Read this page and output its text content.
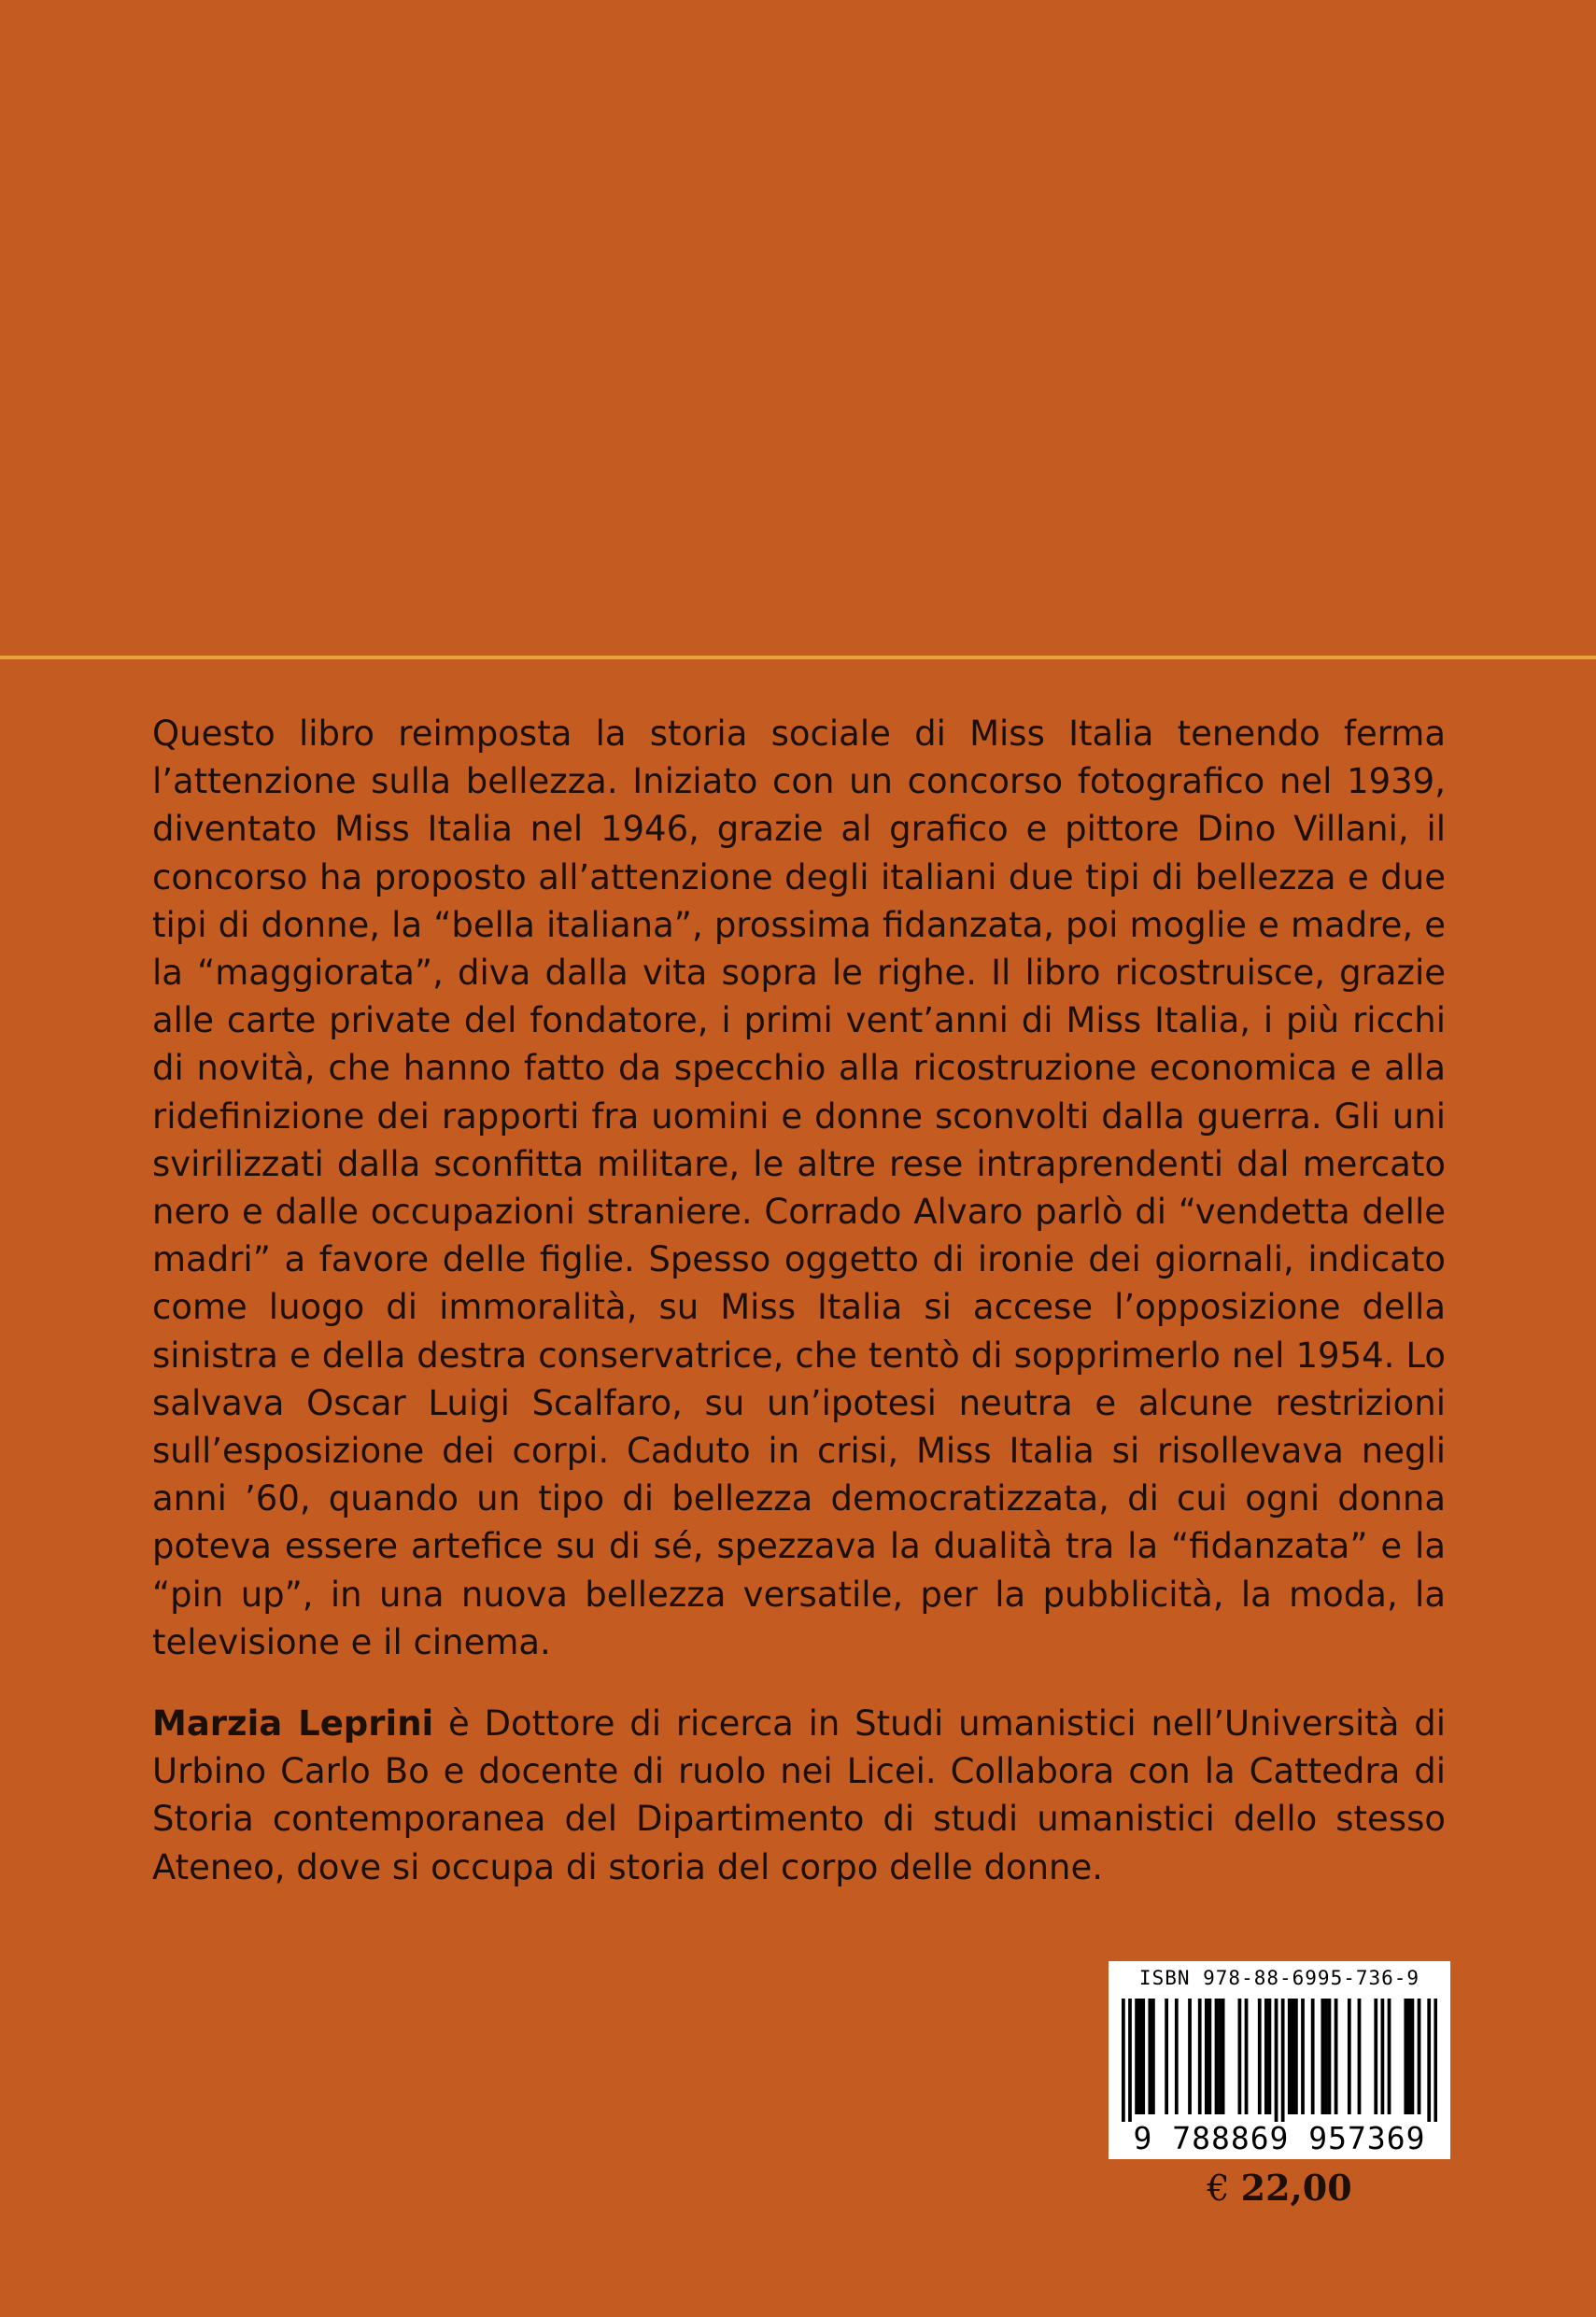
Questo libro reimposta la storia sociale di Miss Italia tenendo ferma l’attenzione sulla bellezza. Iniziato con un concorso fotografico nel 1939, diventato Miss Italia nel 1946, grazie al grafico e pittore Dino Villani, il concorso ha proposto all’attenzione degli italiani due tipi di bellezza e due tipi di donne, la “bella italiana”, prossima fidanzata, poi moglie e madre, e la “maggiorata”, diva dalla vita sopra le righe. Il libro ricostruisce, grazie alle carte private del fondatore, i primi vent’anni di Miss Italia, i più ricchi di novità, che hanno fatto da specchio alla ricostruzione economica e alla ridefinizione dei rapporti fra uomini e donne sconvolti dalla guerra. Gli uni svirilizzati dalla sconfitta militare, le altre rese intraprendenti dal mercato nero e dalle occupazioni straniere. Corrado Alvaro parlò di “vendetta delle madri” a favore delle figlie. Spesso oggetto di ironie dei giornali, indicato come luogo di immoralità, su Miss Italia si accese l’opposizione della sinistra e della destra conservatrice, che tentò di sopprimerlo nel 1954. Lo salvava Oscar Luigi Scalfaro, su un’ipotesi neutra e alcune restrizioni sull’esposizione dei corpi. Caduto in crisi, Miss Italia si risollevava negli anni ’60, quando un tipo di bellezza democratizzata, di cui ogni donna poteva essere artefice su di sé, spezzava la dualità tra la “fidanzata” e la “pin up”, in una nuova bellezza versatile, per la pubblicità, la moda, la televisione e il cinema.

Marzia Leprini è Dottore di ricerca in Studi umanistici nell’Università di Urbino Carlo Bo e docente di ruolo nei Licei. Collabora con la Cattedra di Storia contemporanea del Dipartimento di studi umanistici dello stesso Ateneo, dove si occupa di storia del corpo delle donne.

ISBN 978-88-6995-736-9
9 788869 957369
€ 22,00
